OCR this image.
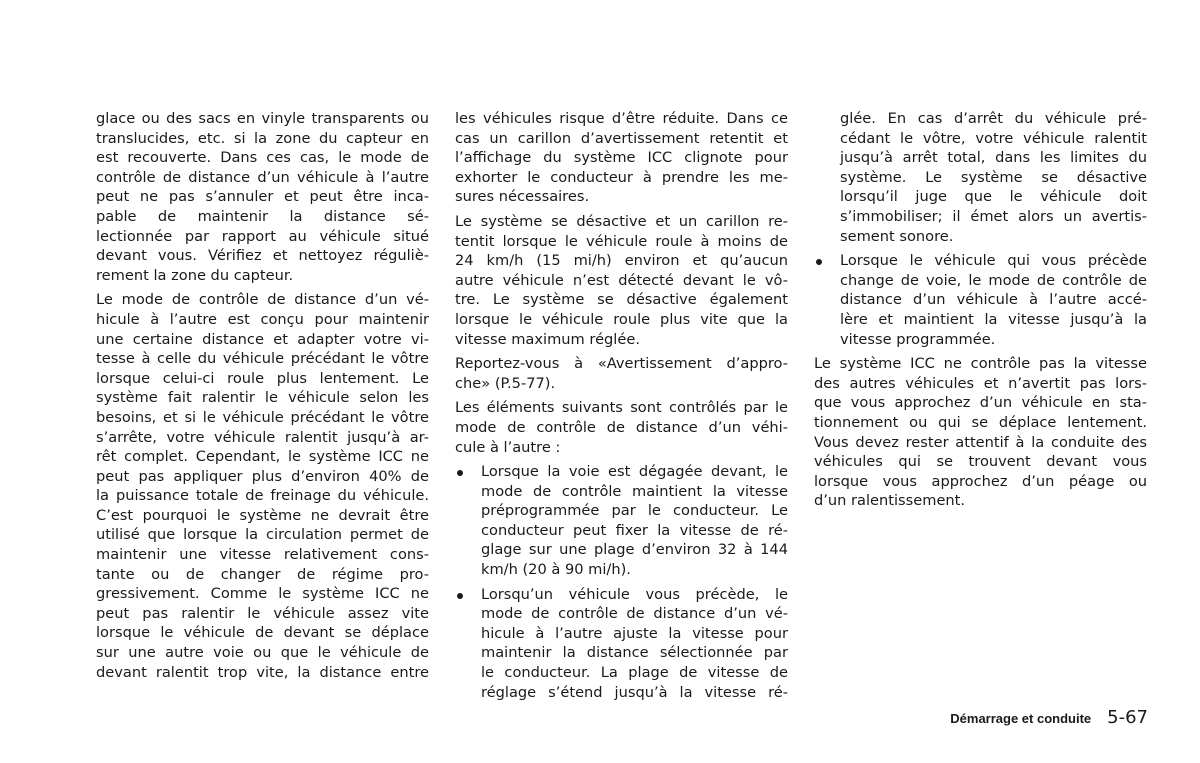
glace ou des sacs en vinyle transparents ou
translucides, etc. si la zone du capteur en
est recouverte. Dans ces cas, le mode de
contrôle de distance d’un véhicule à l’autre
peut ne pas s’annuler et peut être inca-
pable de maintenir la distance sé-
lectionnée par rapport au véhicule situé
devant vous. Vérifiez et nettoyez réguliè-
rement la zone du capteur.
Le mode de contrôle de distance d’un vé-
hicule à l’autre est conçu pour maintenir
une certaine distance et adapter votre vi-
tesse à celle du véhicule précédant le vôtre
lorsque celui-ci roule plus lentement. Le
système fait ralentir le véhicule selon les
besoins, et si le véhicule précédant le vôtre
s’arrête, votre véhicule ralentit jusqu’à ar-
rêt complet. Cependant, le système ICC ne
peut pas appliquer plus d’environ 40% de
la puissance totale de freinage du véhicule.
C’est pourquoi le système ne devrait être
utilisé que lorsque la circulation permet de
maintenir une vitesse relativement cons-
tante ou de changer de régime pro-
gressivement. Comme le système ICC ne
peut pas ralentir le véhicule assez vite
lorsque le véhicule de devant se déplace
sur une autre voie ou que le véhicule de
devant ralentit trop vite, la distance entre
les véhicules risque d’être réduite. Dans ce
cas un carillon d’avertissement retentit et
l’affichage du système ICC clignote pour
exhorter le conducteur à prendre les me-
sures nécessaires.
Le système se désactive et un carillon re-
tentit lorsque le véhicule roule à moins de
24 km/h (15 mi/h) environ et qu’aucun
autre véhicule n’est détecté devant le vô-
tre. Le système se désactive également
lorsque le véhicule roule plus vite que la
vitesse maximum réglée.
Reportez-vous à «Avertissement d’appro-
che» (P.5-77).
Les éléments suivants sont contrôlés par le
mode de contrôle de distance d’un véhi-
cule à l’autre :
Lorsque la voie est dégagée devant, le
mode de contrôle maintient la vitesse
préprogrammée par le conducteur. Le
conducteur peut fixer la vitesse de ré-
glage sur une plage d’environ 32 à 144
km/h (20 à 90 mi/h).
Lorsqu’un véhicule vous précède, le
mode de contrôle de distance d’un vé-
hicule à l’autre ajuste la vitesse pour
maintenir la distance sélectionnée par
le conducteur. La plage de vitesse de
réglage s’étend jusqu’à la vitesse ré-
glée. En cas d’arrêt du véhicule pré-
cédant le vôtre, votre véhicule ralentit
jusqu’à arrêt total, dans les limites du
système. Le système se désactive
lorsqu’il juge que le véhicule doit
s’immobiliser; il émet alors un avertis-
sement sonore.
Lorsque le véhicule qui vous précède
change de voie, le mode de contrôle de
distance d’un véhicule à l’autre accé-
lère et maintient la vitesse jusqu’à la
vitesse programmée.
Le système ICC ne contrôle pas la vitesse
des autres véhicules et n’avertit pas lors-
que vous approchez d’un véhicule en sta-
tionnement ou qui se déplace lentement.
Vous devez rester attentif à la conduite des
véhicules qui se trouvent devant vous
lorsque vous approchez d’un péage ou
d’un ralentissement.
Démarrage et conduite 5-67
